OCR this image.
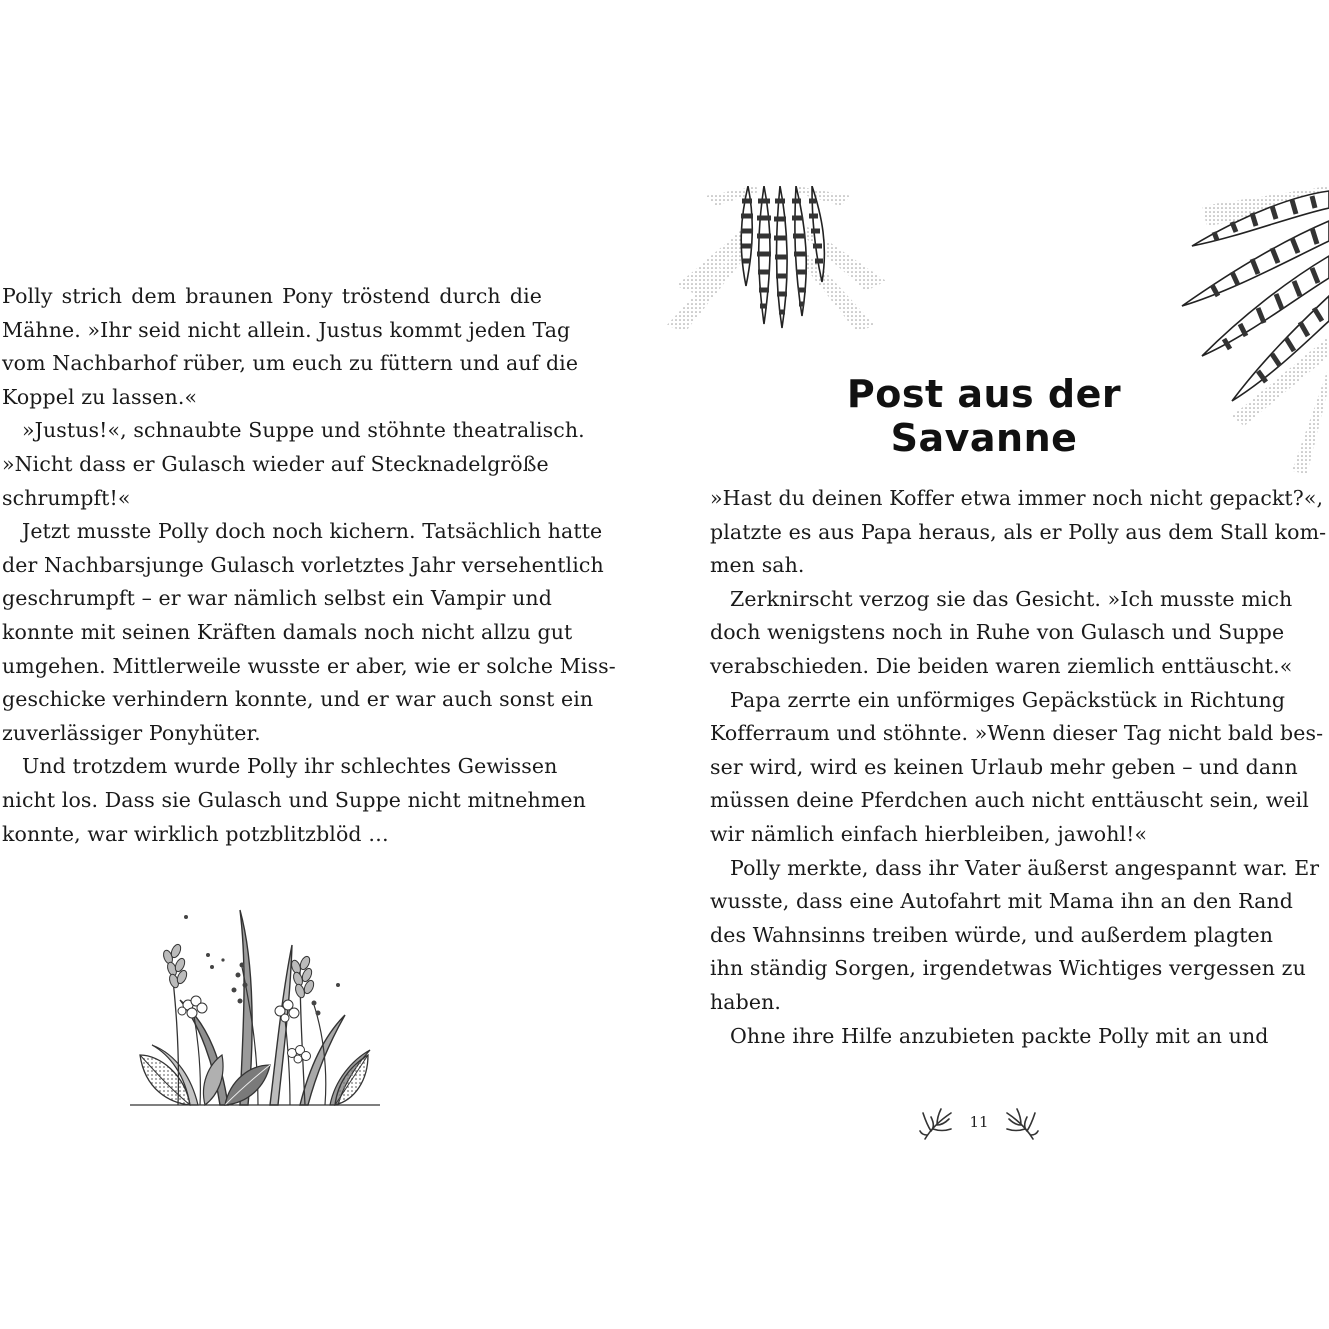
Polly strich dem braunen Pony tröstend durch die
Mähne. »Ihr seid nicht allein. Justus kommt jeden Tag
vom Nachbarhof rüber, um euch zu füttern und auf die
Koppel zu lassen.«

»Justus!«, schnaubte Suppe und stöhnte theatralisch.
»Nicht dass er Gulasch wieder auf Stecknadelgröße
schrumpft!«

Jetzt musste Polly doch noch kichern. Tatsächlich hatte
der Nachbarsjunge Gulasch vorletztes Jahr versehentlich
geschrumpft – er war nämlich selbst ein Vampir und
konnte mit seinen Kräften damals noch nicht allzu gut
umgehen. Mittlerweile wusste er aber, wie er solche Miss-
geschicke verhindern konnte, und er war auch sonst ein
zuverlässiger Ponyhüter.

Und trotzdem wurde Polly ihr schlechtes Gewissen
nicht los. Dass sie Gulasch und Suppe nicht mitnehmen
konnte, war wirklich potzblitzblöd …

Post aus der Savanne

»Hast du deinen Koffer etwa immer noch nicht gepackt?«,
platzte es aus Papa heraus, als er Polly aus dem Stall kom-
men sah.

Zerknirscht verzog sie das Gesicht. »Ich musste mich
doch wenigstens noch in Ruhe von Gulasch und Suppe
verabschieden. Die beiden waren ziemlich enttäuscht.«

Papa zerrte ein unförmiges Gepäckstück in Richtung
Kofferraum und stöhnte. »Wenn dieser Tag nicht bald bes-
ser wird, wird es keinen Urlaub mehr geben – und dann
müssen deine Pferdchen auch nicht enttäuscht sein, weil
wir nämlich einfach hierbleiben, jawohl!«

Polly merkte, dass ihr Vater äußerst angespannt war. Er
wusste, dass eine Autofahrt mit Mama ihn an den Rand
des Wahnsinns treiben würde, und außerdem plagten
ihn ständig Sorgen, irgendetwas Wichtiges vergessen zu
haben.

Ohne ihre Hilfe anzubieten packte Polly mit an und

11
